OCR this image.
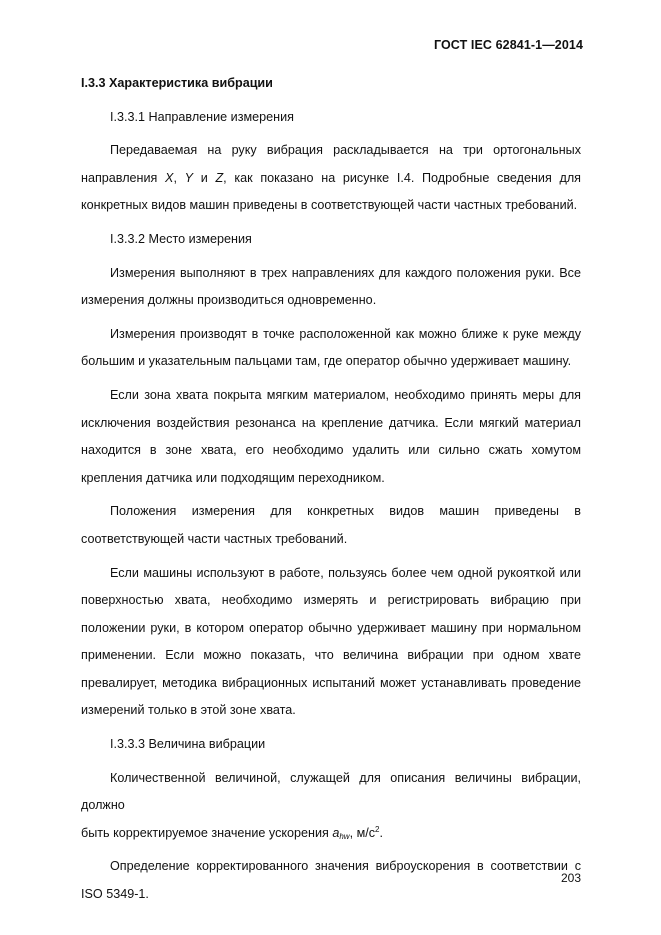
ГОСТ IEC 62841-1—2014

I.3.3 Характеристика вибрации

I.3.3.1 Направление измерения

Передаваемая на руку вибрация раскладывается на три ортогональных

направления X, Y и Z, как показано на рисунке I.4. Подробные сведения для

конкретных видов машин приведены в соответствующей части частных требований.

I.3.3.2 Место измерения

Измерения выполняют в трех направлениях для каждого положения руки. Все измерения должны производиться одновременно.

Измерения производят в точке расположенной как можно ближе к руке между большим и указательным пальцами там, где оператор обычно удерживает машину.

Если зона хвата покрыта мягким материалом, необходимо принять меры для исключения воздействия резонанса на крепление датчика. Если мягкий материал находится в зоне хвата, его необходимо удалить или сильно сжать хомутом крепления датчика или подходящим переходником.

Положения измерения для конкретных видов машин приведены в соответствующей части частных требований.

Если машины используют в работе, пользуясь более чем одной рукояткой или поверхностью хвата, необходимо измерять и регистрировать вибрацию при положении руки, в котором оператор обычно удерживает машину при нормальном применении. Если можно показать, что величина вибрации при одном хвате превалирует, методика вибрационных испытаний может устанавливать проведение измерений только в этой зоне хвата.

I.3.3.3 Величина вибрации

Количественной величиной, служащей для описания величины вибрации, должно

быть корректируемое значение ускорения $a_{hw}$, $м/с^2$.

Определение корректированного значения виброускорения в соответствии с ISO 5349-1.

203
